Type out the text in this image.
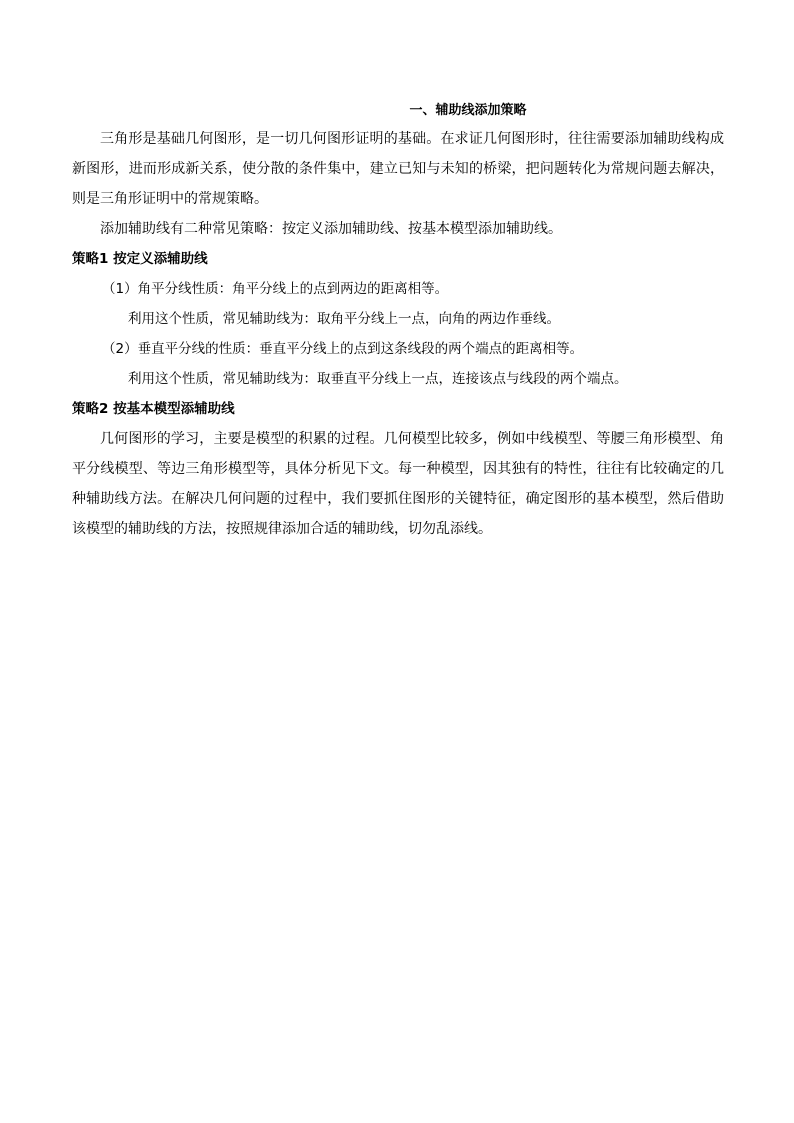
一、辅助线添加策略

三角形是基础几何图形，是一切几何图形证明的基础。在求证几何图形时，往往需要添加辅助线构成新图形，进而形成新关系，使分散的条件集中，建立已知与未知的桥梁，把问题转化为常规问题去解决，则是三角形证明中的常规策略。

添加辅助线有二种常见策略：按定义添加辅助线、按基本模型添加辅助线。

策略1 按定义添辅助线

（1）角平分线性质：角平分线上的点到两边的距离相等。

利用这个性质，常见辅助线为：取角平分线上一点，向角的两边作垂线。

（2）垂直平分线的性质：垂直平分线上的点到这条线段的两个端点的距离相等。

利用这个性质，常见辅助线为：取垂直平分线上一点，连接该点与线段的两个端点。

策略2 按基本模型添辅助线

几何图形的学习，主要是模型的积累的过程。几何模型比较多，例如中线模型、等腰三角形模型、角平分线模型、等边三角形模型等，具体分析见下文。每一种模型，因其独有的特性，往往有比较确定的几种辅助线方法。在解决几何问题的过程中，我们要抓住图形的关键特征，确定图形的基本模型，然后借助该模型的辅助线的方法，按照规律添加合适的辅助线，切勿乱添线。
